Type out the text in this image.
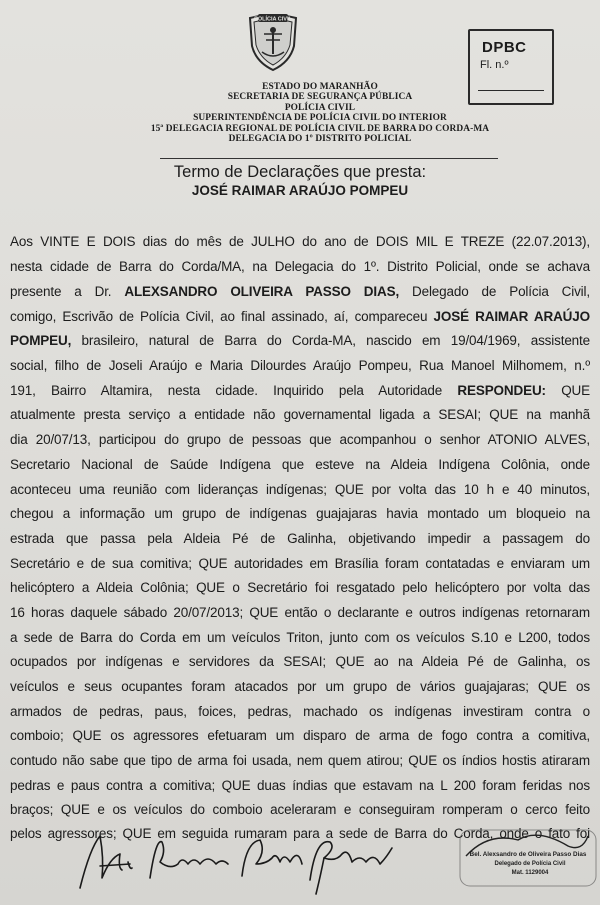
POLÍCIA CIVIL
DPBC
Fl. n.º
ESTADO DO MARANHÃO
SECRETARIA DE SEGURANÇA PÚBLICA
POLÍCIA CIVIL
SUPERINTENDÊNCIA DE POLÍCIA CIVIL DO INTERIOR
15ª DELEGACIA REGIONAL DE POLÍCIA CIVIL DE BARRA DO CORDA-MA
DELEGACIA DO 1º DISTRITO POLICIAL
Termo de Declarações que presta:
JOSÉ RAIMAR ARAÚJO POMPEU
Aos VINTE E DOIS dias do mês de JULHO do ano de DOIS MIL E TREZE (22.07.2013),
nesta cidade de Barra do Corda/MA, na Delegacia do 1º. Distrito Policial, onde se achava
presente a Dr. ALEXSANDRO OLIVEIRA PASSO DIAS, Delegado de Polícia Civil,
comigo, Escrivão de Polícia Civil, ao final assinado, aí, compareceu JOSÉ RAIMAR ARAÚJO
POMPEU, brasileiro, natural de Barra do Corda-MA, nascido em 19/04/1969, assistente
social, filho de Joseli Araújo e Maria Dilourdes Araújo Pompeu, Rua Manoel Milhomem, n.º
191, Bairro Altamira, nesta cidade. Inquirido pela Autoridade RESPONDEU: QUE
atualmente presta serviço a entidade não governamental ligada a SESAI; QUE na manhã
dia 20/07/13, participou do grupo de pessoas que acompanhou o senhor ATONIO ALVES,
Secretario Nacional de Saúde Indígena que esteve na Aldeia Indígena Colônia, onde
aconteceu uma reunião com lideranças indígenas; QUE por volta das 10 h e 40 minutos,
chegou a informação um grupo de indígenas guajajaras havia montado um bloqueio na
estrada que passa pela Aldeia Pé de Galinha, objetivando impedir a passagem do
Secretário e de sua comitiva; QUE autoridades em Brasília foram contatadas e enviaram um
helicóptero a Aldeia Colônia; QUE o Secretário foi resgatado pelo helicóptero por volta das
16 horas daquele sábado 20/07/2013; QUE então o declarante e outros indígenas retornaram
a sede de Barra do Corda em um veículos Triton, junto com os veículos S.10 e L200, todos
ocupados por indígenas e servidores da SESAI; QUE ao na Aldeia Pé de Galinha, os
veículos e seus ocupantes foram atacados por um grupo de vários guajajaras; QUE os
armados de pedras, paus, foices, pedras, machado os indígenas investiram contra o
comboio; QUE os agressores efetuaram um disparo de arma de fogo contra a comitiva,
contudo não sabe que tipo de arma foi usada, nem quem atirou; QUE os índios hostis atiraram
pedras e paus contra a comitiva; QUE duas índias que estavam na L 200 foram feridas nos
braços; QUE e os veículos do comboio aceleraram e conseguiram romperam o cerco feito
pelos agressores; QUE em seguida rumaram para a sede de Barra do Corda, onde o fato foi
Bel. Alexsandro de Oliveira Passo Dias
Delegado de Polícia Civil
Mat. 1129004
